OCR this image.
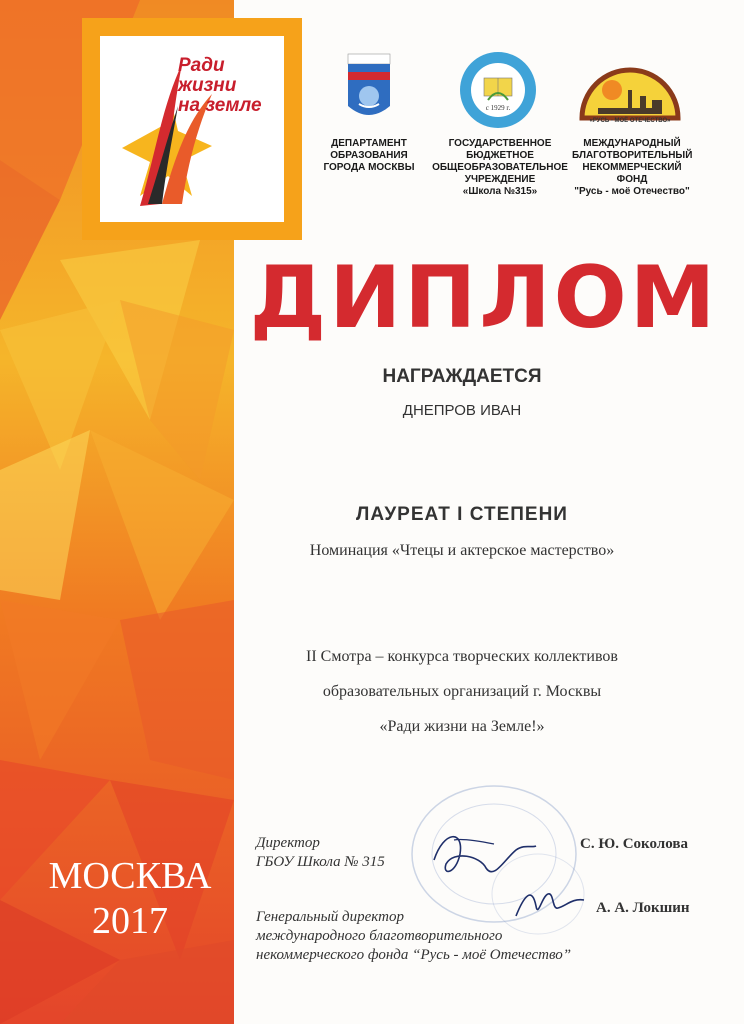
Ради
жизни
на земле
ДЕПАРТАМЕНТ
ОБРАЗОВАНИЯ
ГОРОДА МОСКВЫ
с 1929 г.
ГОСУДАРСТВЕННОЕ
БЮДЖЕТНОЕ
ОБЩЕОБРАЗОВАТЕЛЬНОЕ
УЧРЕЖДЕНИЕ
«Школа №315»
«РУСЬ - МОЁ ОТЕЧЕСТВО»
МЕЖДУНАРОДНЫЙ
БЛАГОТВОРИТЕЛЬНЫЙ
НЕКОММЕРЧЕСКИЙ ФОНД
"Русь - моё Отечество"
ДИПЛОМ
НАГРАЖДАЕТСЯ
ДНЕПРОВ ИВАН
ЛАУРЕАТ I СТЕПЕНИ
Номинация «Чтецы и актерское мастерство»
II Смотра – конкурса творческих коллективов
образовательных организаций г. Москвы
«Ради жизни на Земле!»
МОСКВА
2017
Директор
ГБОУ Школа № 315
С. Ю. Соколова
Генеральный директор
международного благотворительного
некоммерческого фонда “Русь - моё Отечество”
А. А. Локшин
